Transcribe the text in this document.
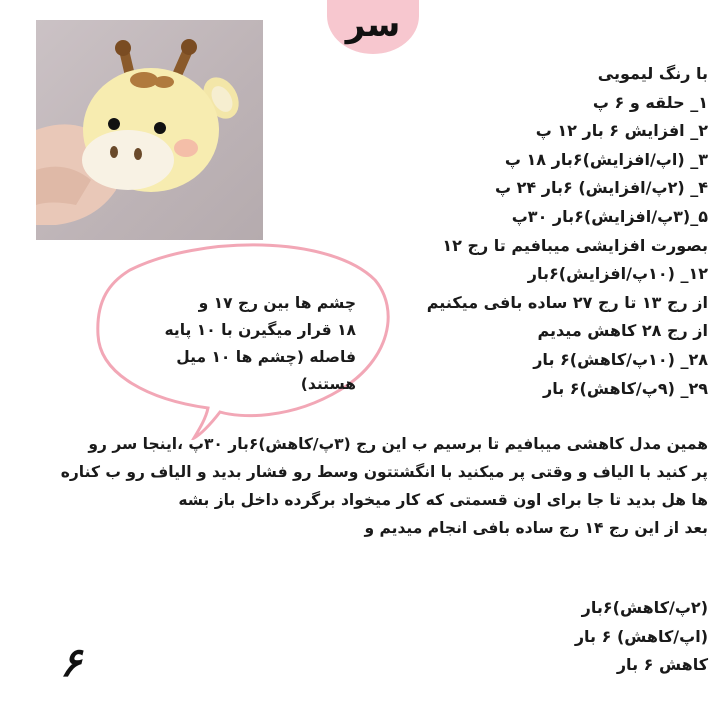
سر
با رنگ لیمویی
۱_ حلقه و ۶ پ
۲_ افزایش ۶ بار ۱۲ پ
۳_ (اپ/افزایش)۶بار ۱۸ پ
۴_ (۲پ/افزایش) ۶بار ۲۴ پ
۵_(۳پ/افزایش)۶بار ۳۰پ
بصورت افزایشی میبافیم تا رج ۱۲
۱۲_ (۱۰پ/افزایش)۶بار
از رج ۱۳ تا رج ۲۷ ساده بافی میکنیم
از رج ۲۸ کاهش میدیم
۲۸_ (۱۰پ/کاهش)۶ بار
۲۹_ (۹پ/کاهش)۶ بار
همین مدل کاهشی میبافیم تا برسیم ب این رج (۳پ/کاهش)۶بار ۳۰پ ،اینجا سر رو
پر کنید با الیاف و وقتی پر میکنید با انگشتتون وسط رو فشار بدید و الیاف رو ب کناره
ها هل بدید تا جا برای اون قسمتی که کار میخواد برگرده داخل باز بشه
بعد از این رج ۱۴ رج ساده بافی انجام میدیم و
(۲پ/کاهش)۶بار
(اپ/کاهش) ۶ بار
کاهش ۶ بار
چشم ها بین رج ۱۷ و
۱۸ قرار میگیرن با ۱۰ پایه
فاصله (چشم ها ۱۰ میل
هستند)
۶
